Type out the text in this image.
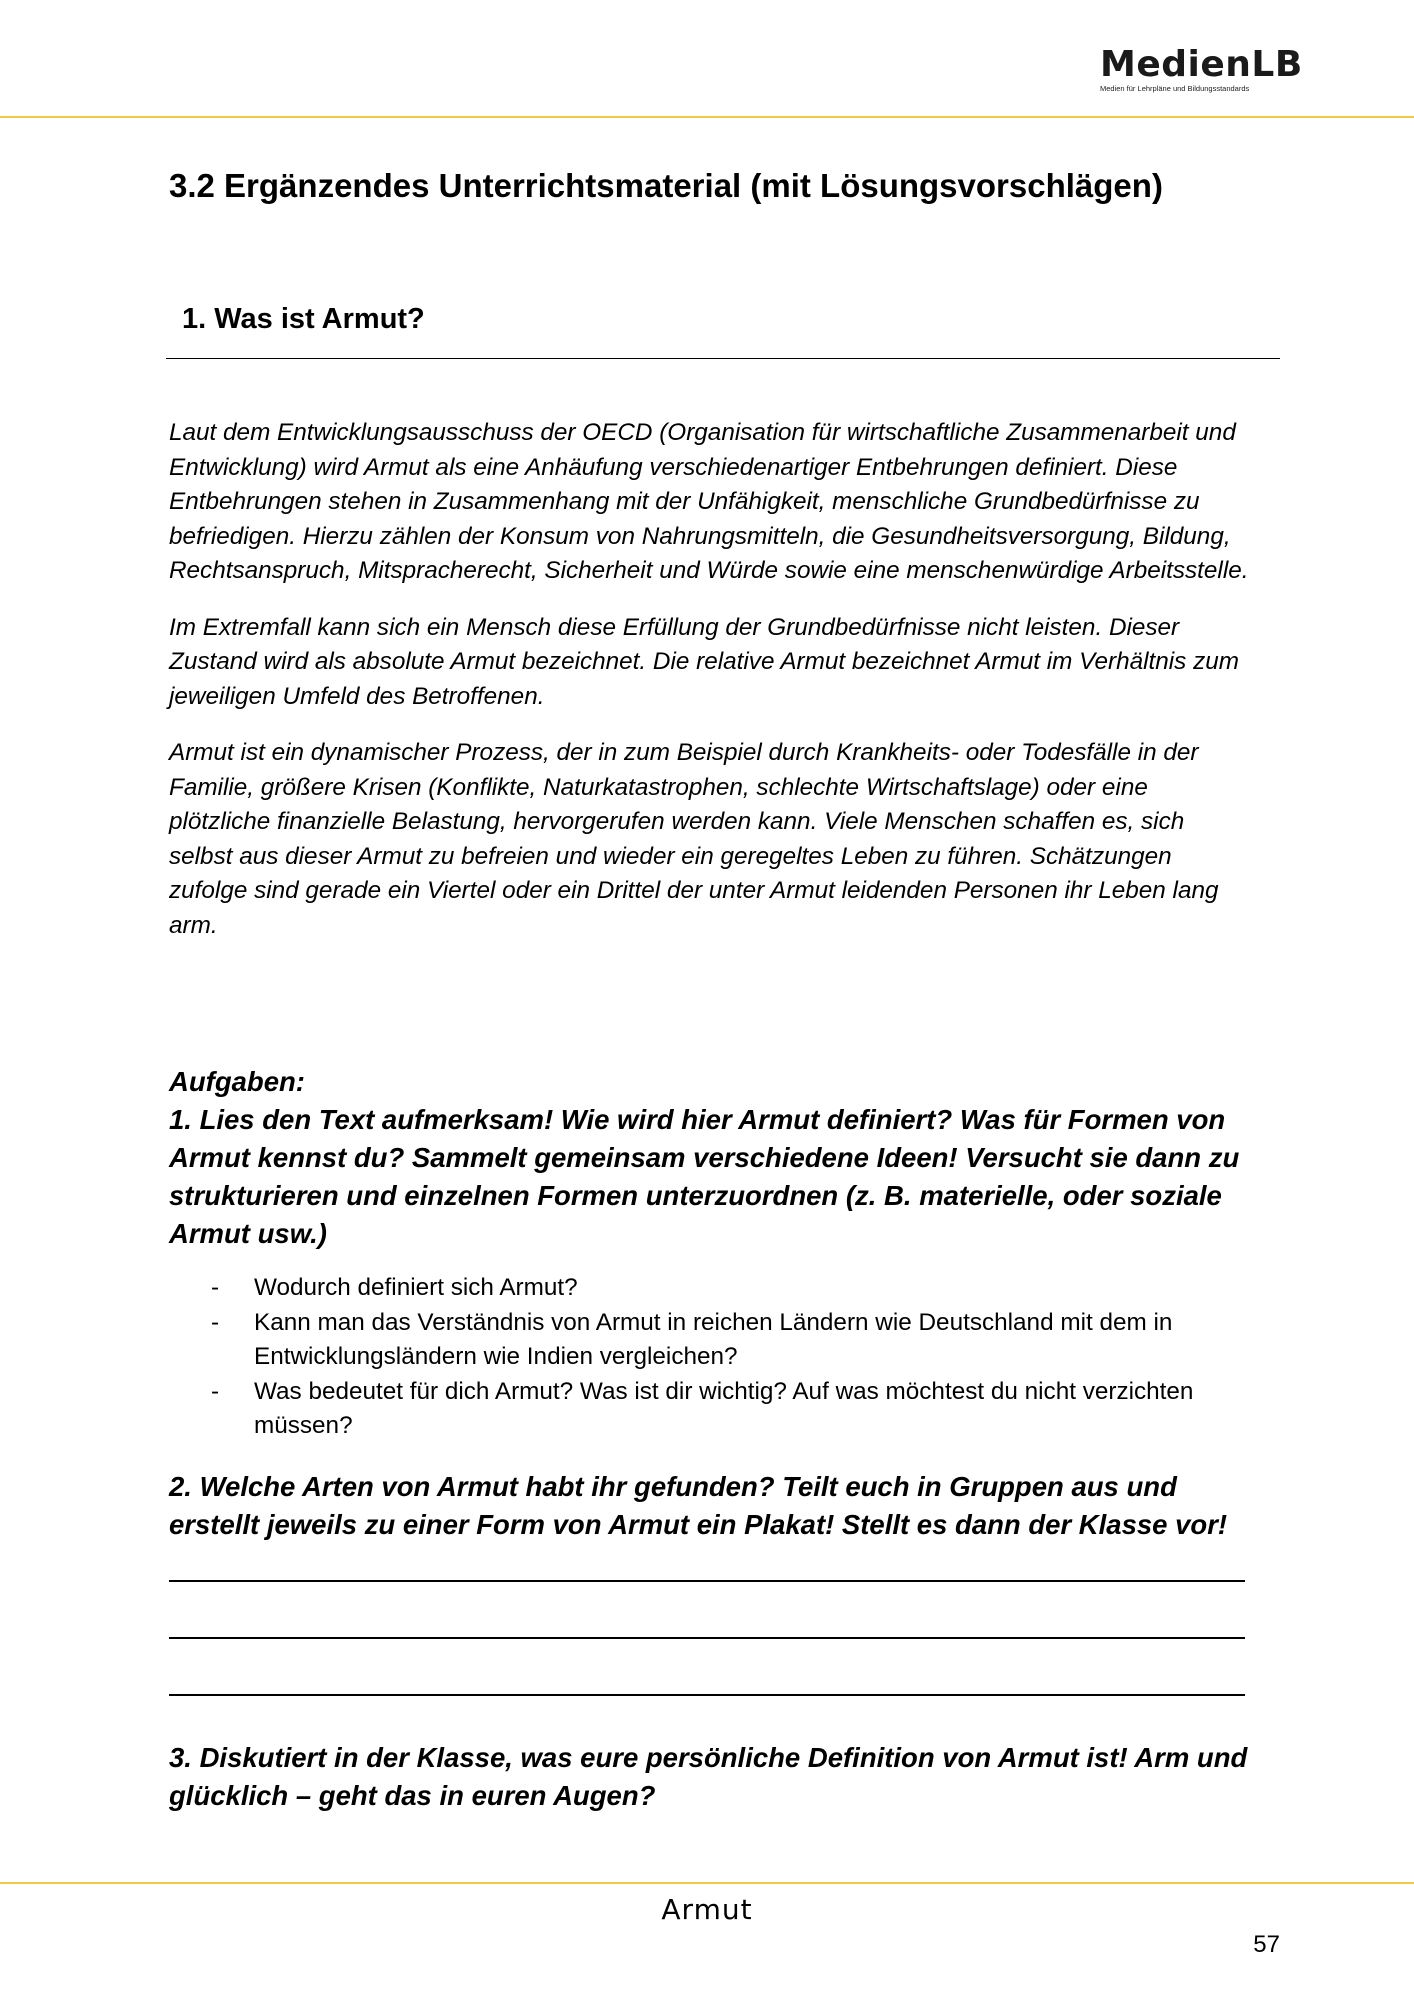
MedienLB
Medien für Lehrpläne und Bildungsstandards
3.2 Ergänzendes Unterrichtsmaterial (mit Lösungsvorschlägen)
1. Was ist Armut?

Laut dem Entwicklungsausschuss der OECD (Organisation für wirtschaftliche Zusammenarbeit und Entwicklung) wird Armut als eine Anhäufung verschiedenartiger Entbehrungen definiert. Diese Entbehrungen stehen in Zusammenhang mit der Unfähigkeit, menschliche Grundbedürfnisse zu befriedigen. Hierzu zählen der Konsum von Nahrungsmitteln, die Gesundheitsversorgung, Bildung, Rechtsanspruch, Mitspracherecht, Sicherheit und Würde sowie eine menschenwürdige Arbeitsstelle.

Im Extremfall kann sich ein Mensch diese Erfüllung der Grundbedürfnisse nicht leisten. Dieser Zustand wird als absolute Armut bezeichnet. Die relative Armut bezeichnet Armut im Verhältnis zum jeweiligen Umfeld des Betroffenen.

Armut ist ein dynamischer Prozess, der in zum Beispiel durch Krankheits- oder Todesfälle in der Familie, größere Krisen (Konflikte, Naturkatastrophen, schlechte Wirtschaftslage) oder eine plötzliche finanzielle Belastung, hervorgerufen werden kann. Viele Menschen schaffen es, sich selbst aus dieser Armut zu befreien und wieder ein geregeltes Leben zu führen. Schätzungen zufolge sind gerade ein Viertel oder ein Drittel der unter Armut leidenden Personen ihr Leben lang arm.

Aufgaben:

1. Lies den Text aufmerksam! Wie wird hier Armut definiert? Was für Formen von Armut kennst du? Sammelt gemeinsam verschiedene Ideen! Versucht sie dann zu strukturieren und einzelnen Formen unterzuordnen (z. B. materielle, oder soziale Armut usw.)

- Wodurch definiert sich Armut?
- Kann man das Verständnis von Armut in reichen Ländern wie Deutschland mit dem in Entwicklungsländern wie Indien vergleichen?
- Was bedeutet für dich Armut? Was ist dir wichtig? Auf was möchtest du nicht verzichten müssen?

2. Welche Arten von Armut habt ihr gefunden? Teilt euch in Gruppen aus und erstellt jeweils zu einer Form von Armut ein Plakat! Stellt es dann der Klasse vor!

3. Diskutiert in der Klasse, was eure persönliche Definition von Armut ist! Arm und glücklich – geht das in euren Augen?

Armut
57
